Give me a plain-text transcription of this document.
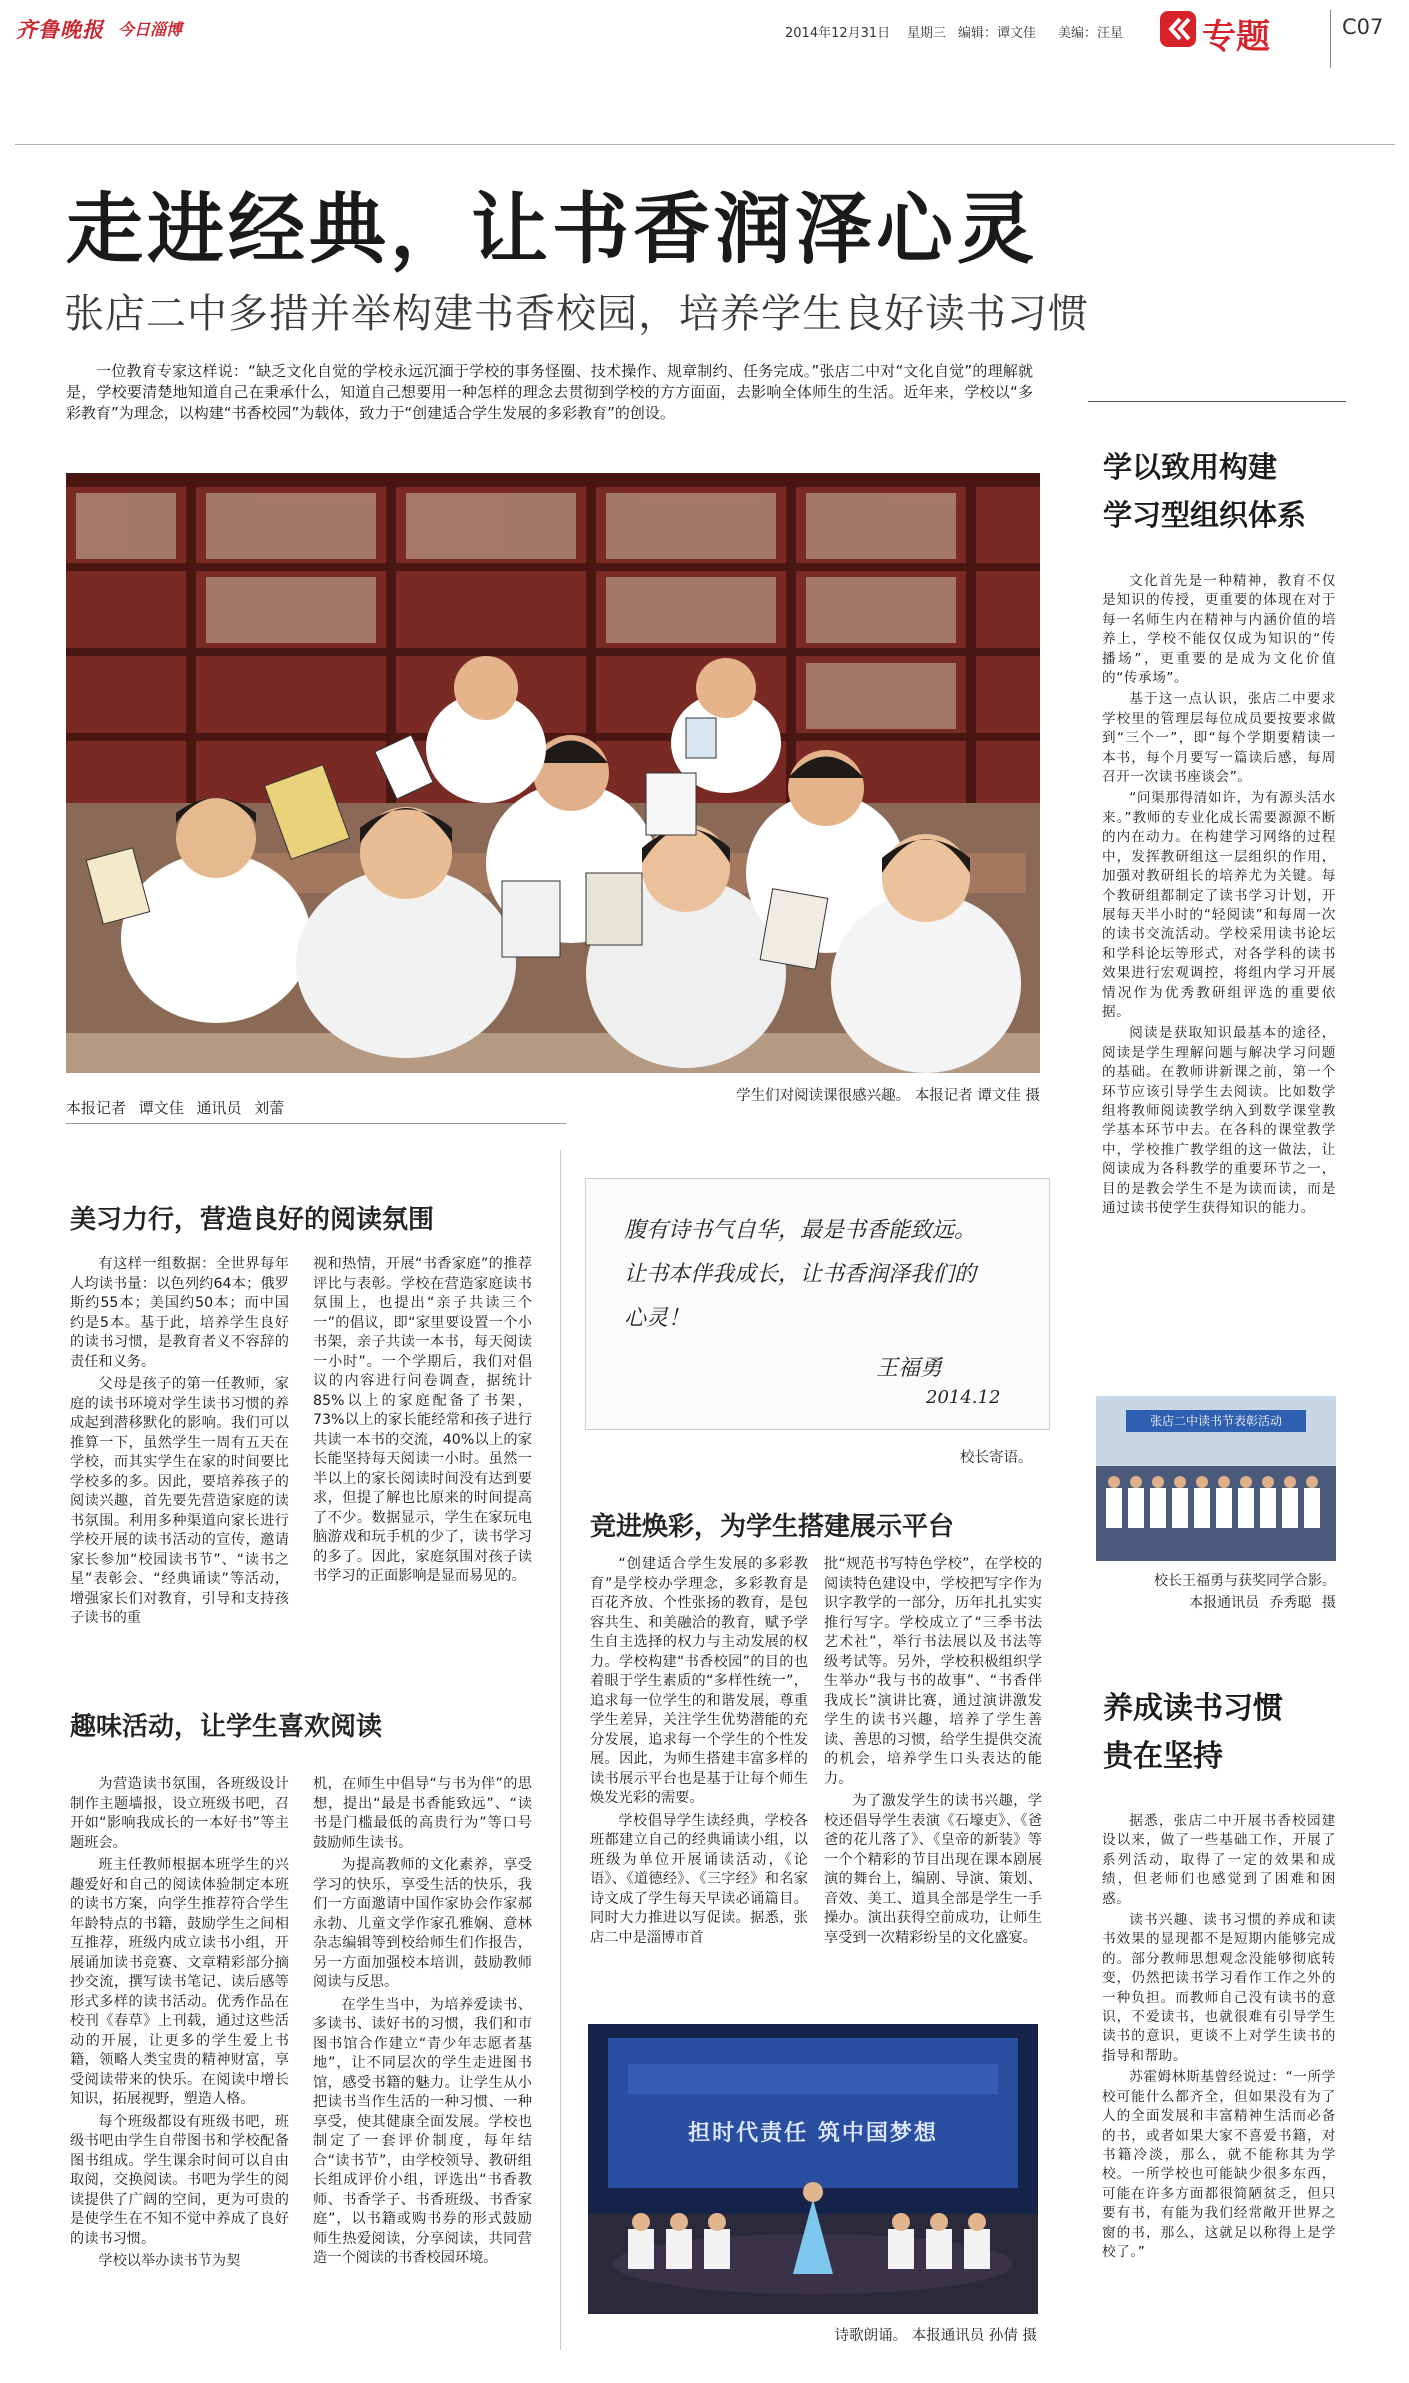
齐鲁晚报 今日淄博	2014年12月31日 星期三 编辑：谭文佳 美编：汪星 专题	C07
走进经典，让书香润泽心灵
张店二中多措并举构建书香校园，培养学生良好读书习惯

一位教育专家这样说：“缺乏文化自觉的学校永远沉湎于学校的事务怪圈、技术操作、规章制约、任务完成。”张店二中对“文化自觉”的理解就是，学校要清楚地知道自己在秉承什么，知道自己想要用一种怎样的理念去贯彻到学校的方方面面，去影响全体师生的生活。近年来，学校以“多彩教育”为理念，以构建“书香校园”为载体，致力于“创建适合学生发展的多彩教育”的创设。

学生们对阅读课很感兴趣。 本报记者 谭文佳 摄
本报记者 谭文佳 通讯员 刘蕾
美习力行，营造良好的阅读氛围

有这样一组数据：全世界每年人均读书量：以色列约64本；俄罗斯约55本；美国约50本；而中国约是5本。基于此，培养学生良好的读书习惯，是教育者义不容辞的责任和义务。

父母是孩子的第一任教师，家庭的读书环境对学生读书习惯的养成起到潜移默化的影响。我们可以推算一下，虽然学生一周有五天在学校，而其实学生在家的时间要比学校多的多。因此，要培养孩子的阅读兴趣，首先要先营造家庭的读书氛围。利用多种渠道向家长进行学校开展的读书活动的宣传，邀请家长参加“校园读书节”、“读书之星”表彰会、“经典诵读”等活动，增强家长们对教育，引导和支持孩子读书的重

视和热情，开展“书香家庭”的推荐评比与表彰。学校在营造家庭读书氛围上，也提出“亲子共读三个一”的倡议，即“家里要设置一个小书架，亲子共读一本书，每天阅读一小时”。一个学期后，我们对倡议的内容进行问卷调查，据统计85%以上的家庭配备了书架，73%以上的家长能经常和孩子进行共读一本书的交流，40%以上的家长能坚持每天阅读一小时。虽然一半以上的家长阅读时间没有达到要求，但提了解也比原来的时间提高了不少。数据显示，学生在家玩电脑游戏和玩手机的少了，读书学习的多了。因此，家庭氛围对孩子读书学习的正面影响是显而易见的。

趣味活动，让学生喜欢阅读

为营造读书氛围，各班级设计制作主题墙报，设立班级书吧，召开如“影响我成长的一本好书”等主题班会。

班主任教师根据本班学生的兴趣爱好和自己的阅读体验制定本班的读书方案，向学生推荐符合学生年龄特点的书籍，鼓励学生之间相互推荐，班级内成立读书小组，开展诵加读书竞赛、文章精彩部分摘抄交流，撰写读书笔记、读后感等形式多样的读书活动。优秀作品在校刊《春草》上刊载，通过这些活动的开展，让更多的学生爱上书籍，领略人类宝贵的精神财富，享受阅读带来的快乐。在阅读中增长知识，拓展视野，塑造人格。

每个班级都设有班级书吧，班级书吧由学生自带图书和学校配备图书组成。学生课余时间可以自由取阅，交换阅读。书吧为学生的阅读提供了广阔的空间，更为可贵的是使学生在不知不觉中养成了良好的读书习惯。

学校以举办读书节为契

机，在师生中倡导“与书为伴”的思想，提出“最是书香能致远”、“读书是门槛最低的高贵行为”等口号鼓励师生读书。

为提高教师的文化素养，享受学习的快乐，享受生活的快乐，我们一方面邀请中国作家协会作家郝永勃、儿童文学作家孔雅娴、意林杂志编辑等到校给师生们作报告，另一方面加强校本培训，鼓励教师阅读与反思。

在学生当中，为培养爱读书、多读书、读好书的习惯，我们和市图书馆合作建立“青少年志愿者基地”，让不同层次的学生走进图书馆，感受书籍的魅力。让学生从小把读书当作生活的一种习惯、一种享受，使其健康全面发展。学校也制定了一套评价制度，每年结合“读书节”，由学校领导、教研组长组成评价小组，评选出“书香教师、书香学子、书香班级、书香家庭”，以书籍或购书券的形式鼓励师生热爱阅读，分享阅读，共同营造一个阅读的书香校园环境。

腹有诗书气自华，最是书香能致远。
让书本伴我成长，让书香润泽我们的
心灵！
王福勇
2014.12
校长寄语。
竞进焕彩，为学生搭建展示平台

“创建适合学生发展的多彩教育”是学校办学理念，多彩教育是百花齐放、个性张扬的教育，是包容共生、和美融洽的教育，赋予学生自主选择的权力与主动发展的权力。学校构建“书香校园”的目的也着眼于学生素质的“多样性统一”，追求每一位学生的和谐发展，尊重学生差异，关注学生优势潜能的充分发展，追求每一个学生的个性发展。因此，为师生搭建丰富多样的读书展示平台也是基于让每个师生焕发光彩的需要。

学校倡导学生读经典，学校各班都建立自己的经典诵读小组，以班级为单位开展诵读活动，《论语》、《道德经》、《三字经》和名家诗文成了学生每天早读必诵篇目。同时大力推进以写促读。据悉，张店二中是淄博市首

批“规范书写特色学校”，在学校的阅读特色建设中，学校把写字作为识字教学的一部分，历年扎扎实实推行写字。学校成立了“三季书法艺术社”，举行书法展以及书法等级考试等。另外，学校积极组织学生举办“我与书的故事”、“书香伴我成长”演讲比赛，通过演讲激发学生的读书兴趣，培养了学生善读、善思的习惯，给学生提供交流的机会，培养学生口头表达的能力。

为了激发学生的读书兴趣，学校还倡导学生表演《石壕吏》、《爸爸的花儿落了》、《皇帝的新装》等一个个精彩的节目出现在课本剧展演的舞台上，编剧、导演、策划、音效、美工、道具全部是学生一手操办。演出获得空前成功，让师生享受到一次精彩纷呈的文化盛宴。

担时代责任 筑中国梦想
诗歌朗诵。 本报通讯员 孙倩 摄
学以致用构建
学习型组织体系

文化首先是一种精神，教育不仅是知识的传授，更重要的体现在对于每一名师生内在精神与内涵价值的培养上，学校不能仅仅成为知识的“传播场”，更重要的是成为文化价值的“传承场”。

基于这一点认识，张店二中要求学校里的管理层每位成员要按要求做到“三个一”，即“每个学期要精读一本书，每个月要写一篇读后感，每周召开一次读书座谈会”。

“问渠那得清如许，为有源头活水来。”教师的专业化成长需要源源不断的内在动力。在构建学习网络的过程中，发挥教研组这一层组织的作用，加强对教研组长的培养尤为关键。每个教研组都制定了读书学习计划，开展每天半小时的“轻阅读”和每周一次的读书交流活动。学校采用读书论坛和学科论坛等形式，对各学科的读书效果进行宏观调控，将组内学习开展情况作为优秀教研组评选的重要依据。

阅读是获取知识最基本的途径，阅读是学生理解问题与解决学习问题的基础。在教师讲新课之前，第一个环节应该引导学生去阅读。比如数学组将教师阅读教学纳入到数学课堂教学基本环节中去。在各科的课堂教学中，学校推广教学组的这一做法，让阅读成为各科教学的重要环节之一，目的是教会学生不是为读而读，而是通过读书使学生获得知识的能力。

张店二中读书节表彰活动
校长王福勇与获奖同学合影。
本报通讯员 乔秀聪 摄
养成读书习惯
贵在坚持

据悉，张店二中开展书香校园建设以来，做了一些基础工作，开展了系列活动，取得了一定的效果和成绩，但老师们也感觉到了困难和困惑。

读书兴趣、读书习惯的养成和读书效果的显现都不是短期内能够完成的。部分教师思想观念没能够彻底转变，仍然把读书学习看作工作之外的一种负担。而教师自己没有读书的意识，不爱读书，也就很难有引导学生读书的意识，更谈不上对学生读书的指导和帮助。

苏霍姆林斯基曾经说过：“一所学校可能什么都齐全，但如果没有为了人的全面发展和丰富精神生活而必备的书，或者如果大家不喜爱书籍，对书籍冷淡，那么，就不能称其为学校。一所学校也可能缺少很多东西，可能在许多方面都很简陋贫乏，但只要有书，有能为我们经常敞开世界之窗的书，那么，这就足以称得上是学校了。”
